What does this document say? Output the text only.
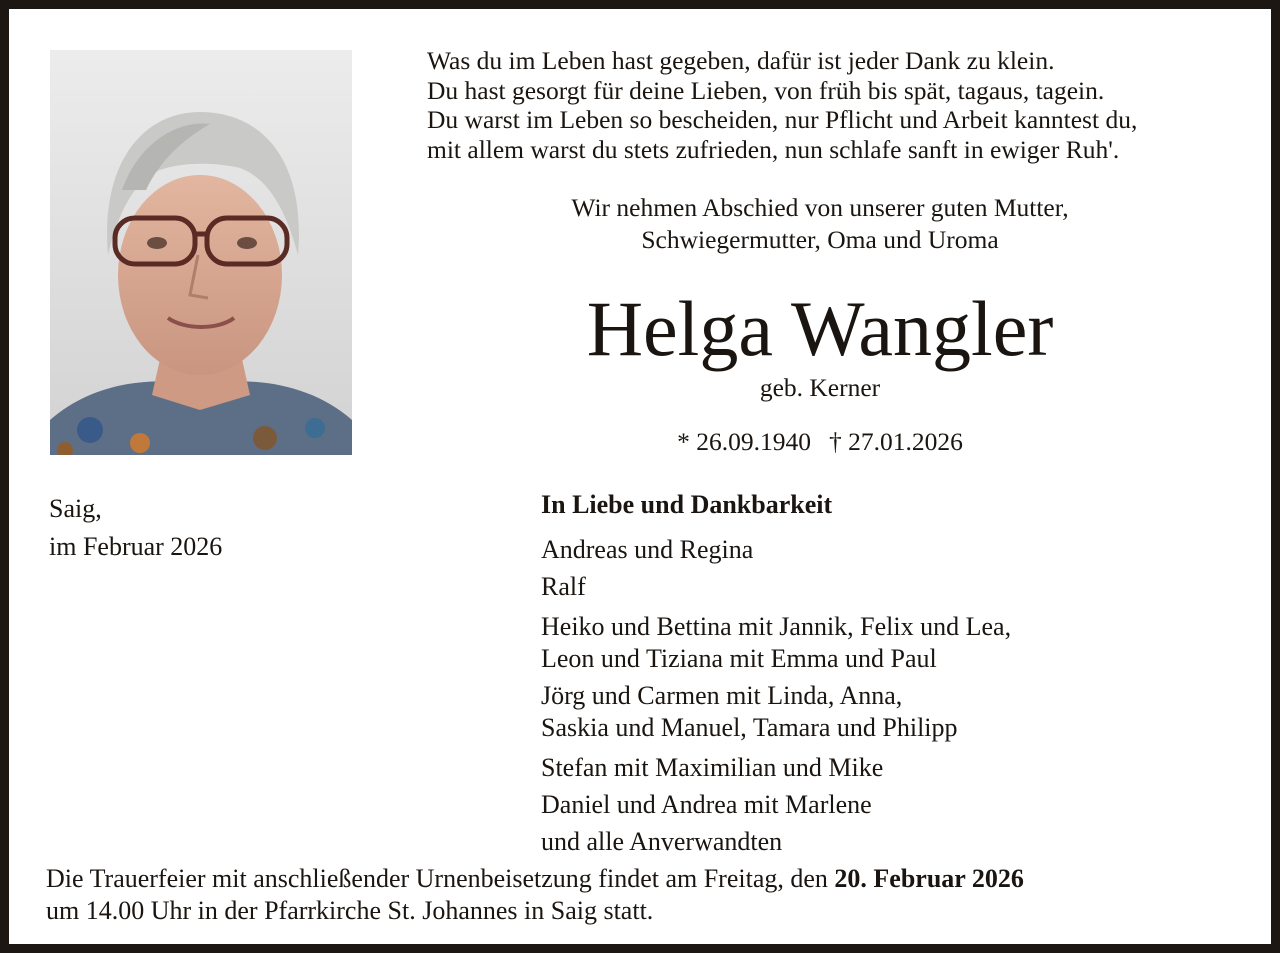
Was du im Leben hast gegeben, dafür ist jeder Dank zu klein.
Du hast gesorgt für deine Lieben, von früh bis spät, tagaus, tagein.
Du warst im Leben so bescheiden, nur Pflicht und Arbeit kanntest du,
mit allem warst du stets zufrieden, nun schlafe sanft in ewiger Ruh'.
Wir nehmen Abschied von unserer guten Mutter,
Schwiegermutter, Oma und Uroma
Helga Wangler
geb. Kerner
* 26.09.1940 † 27.01.2026
Saig,
im Februar 2026
In Liebe und Dankbarkeit
Andreas und Regina
Ralf
Heiko und Bettina mit Jannik, Felix und Lea,
Leon und Tiziana mit Emma und Paul
Jörg und Carmen mit Linda, Anna,
Saskia und Manuel, Tamara und Philipp
Stefan mit Maximilian und Mike
Daniel und Andrea mit Marlene
und alle Anverwandten
Die Trauerfeier mit anschließender Urnenbeisetzung findet am Freitag, den 20. Februar 2026
um 14.00 Uhr in der Pfarrkirche St. Johannes in Saig statt.
